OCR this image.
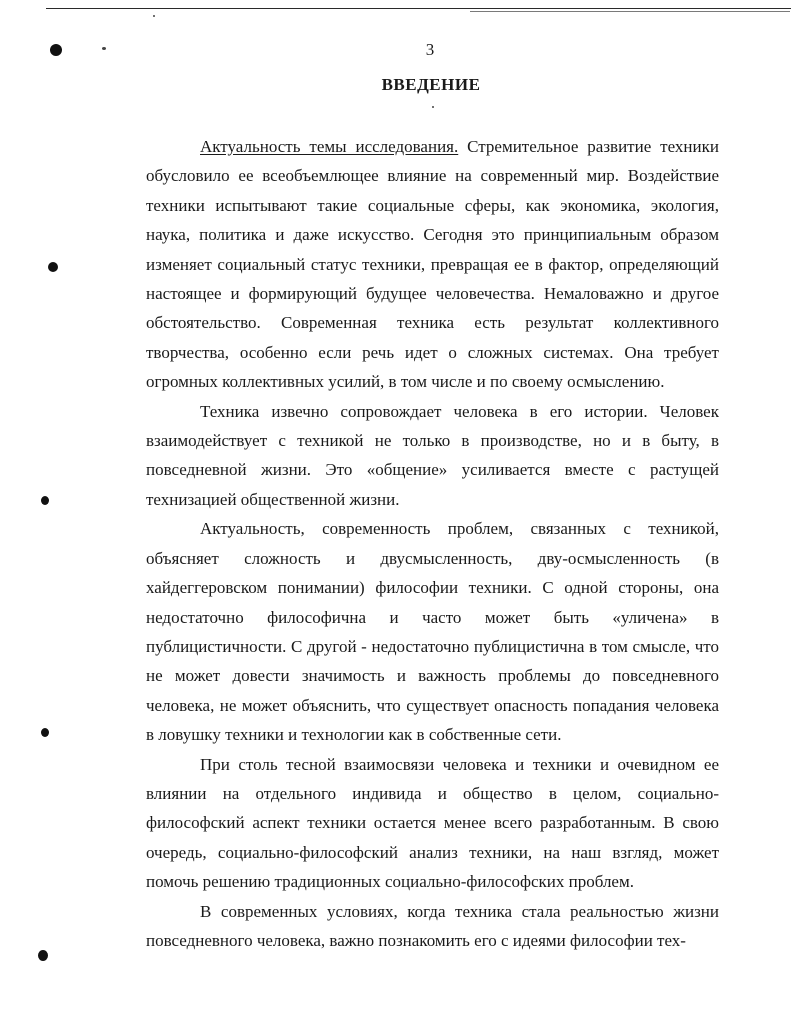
3
ВВЕДЕНИЕ

Актуальность темы исследования. Стремительное развитие техники обусловило ее всеобъемлющее влияние на современный мир. Воздействие техники испытывают такие социальные сферы, как экономика, экология, наука, политика и даже искусство. Сегодня это принципиальным образом изменяет социальный статус техники, превращая ее в фактор, определяющий настоящее и формирующий будущее человечества. Немаловажно и другое обстоятельство. Современная техника есть результат коллективного творчества, особенно если речь идет о сложных системах. Она требует огромных коллективных усилий, в том числе и по своему осмыслению.

Техника извечно сопровождает человека в его истории. Человек взаимодействует с техникой не только в производстве, но и в быту, в повседневной жизни. Это «общение» усиливается вместе с растущей технизацией общественной жизни.

Актуальность, современность проблем, связанных с техникой, объясняет сложность и двусмысленность, дву-осмысленность (в хайдеггеровском понимании) философии техники. С одной стороны, она недостаточно философична и часто может быть «уличена» в публицистичности. С другой - недостаточно публицистична в том смысле, что не может довести значимость и важность проблемы до повседневного человека, не может объяснить, что существует опасность попадания человека в ловушку техники и технологии как в собственные сети.

При столь тесной взаимосвязи человека и техники и очевидном ее влиянии на отдельного индивида и общество в целом, социально-философский аспект техники остается менее всего разработанным. В свою очередь, социально-философский анализ техники, на наш взгляд, может помочь решению традиционных социально-философских проблем.

В современных условиях, когда техника стала реальностью жизни повседневного человека, важно познакомить его с идеями философии тех-
